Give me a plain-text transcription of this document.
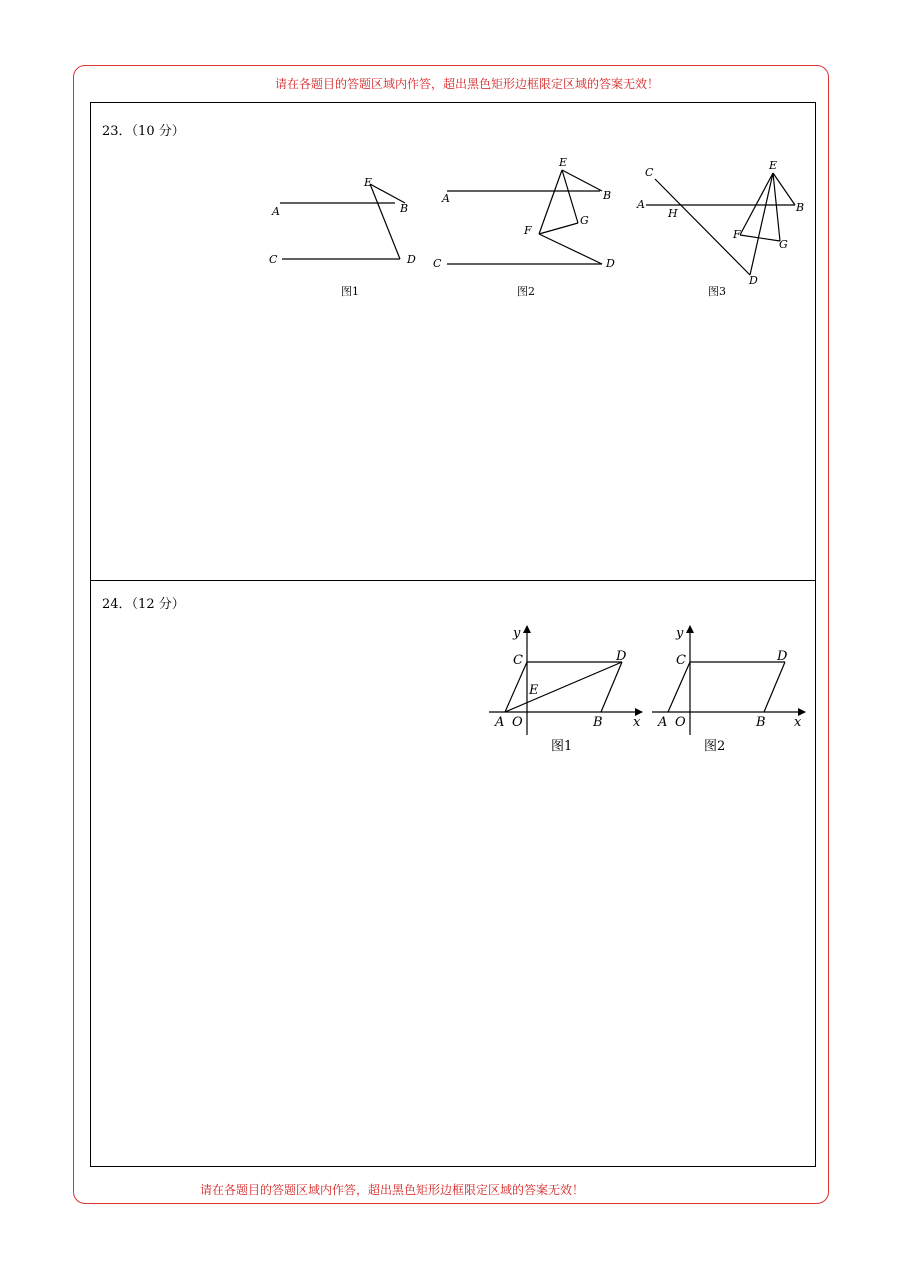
请在各题目的答题区域内作答，超出黑色矩形边框限定区域的答案无效！
23．（10 分）
A	B
C	D
E
图1
A	B
C	D
E
F
G
图2
A	B
C
D
E
F
G
H
图3
24．（12 分）
y
x
A O	B
C	D
E
图1
y
x
A O	B
C	D
图2
请在各题目的答题区域内作答，超出黑色矩形边框限定区域的答案无效！
